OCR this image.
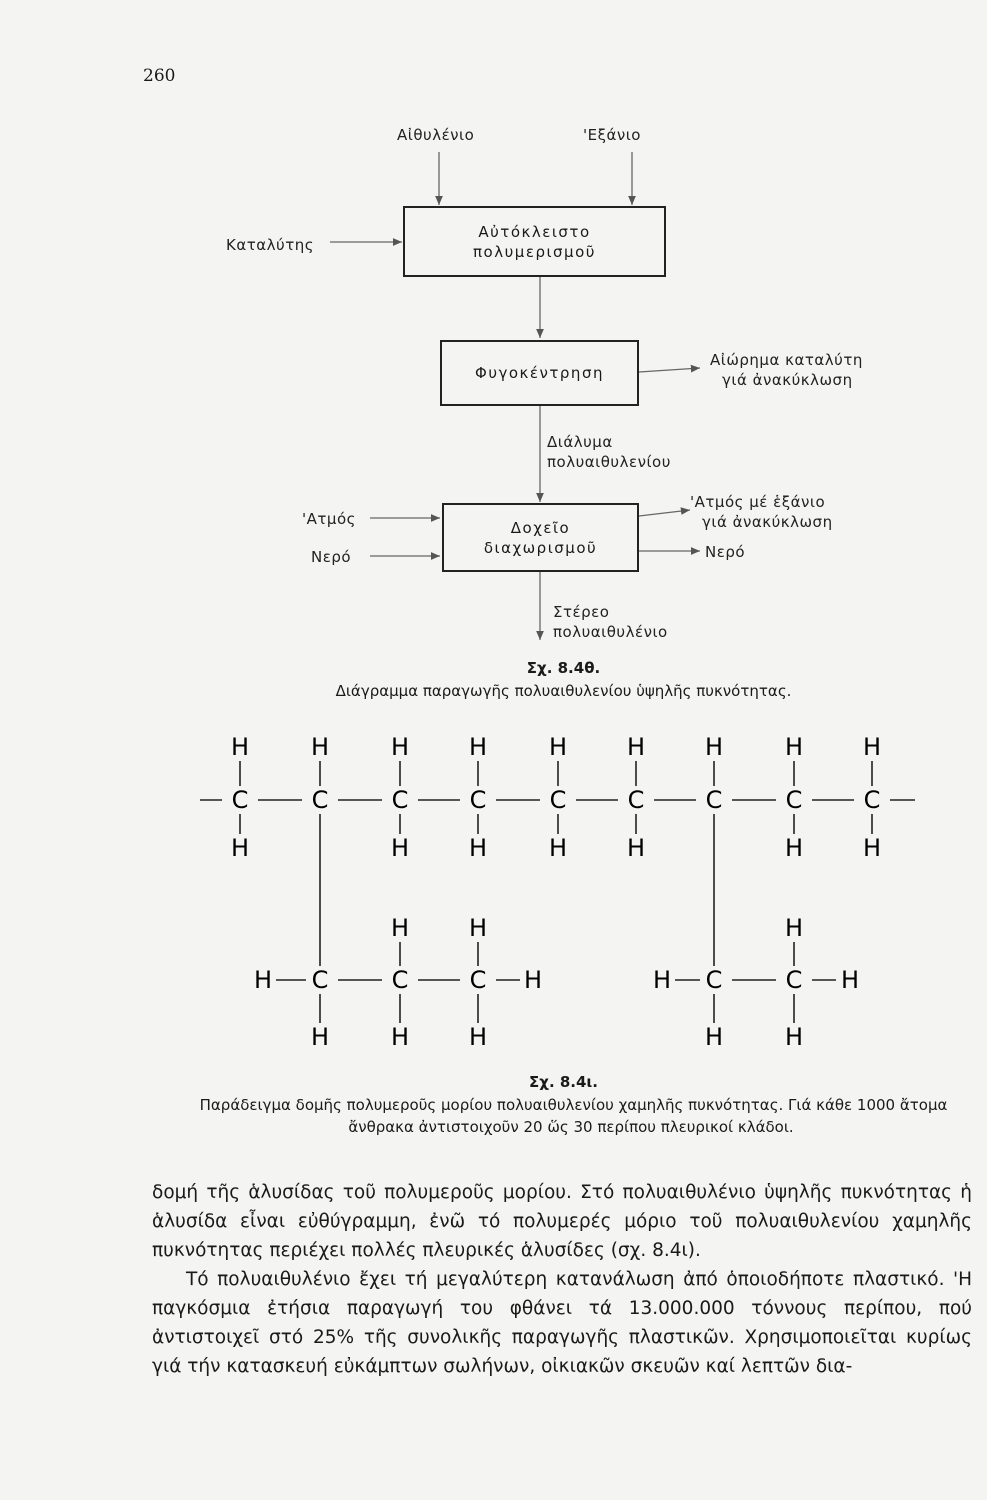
260
Αἰθυλένιο	'Εξάνιο
Καταλύτης
Αὐτόκλειστο
πολυμερισμοῦ
Φυγοκέντρηση
Αἰώρημα καταλύτη
γιά ἀνακύκλωση
Διάλυμα
πολυαιθυλενίου
'Ατμός
Νερό
Δοχεῖο
διαχωρισμοῦ
'Ατμός μέ ἑξάνιο
γιά ἀνακύκλωση
Νερό
Στέρεο
πολυαιθυλένιο
Σχ. 8.4θ.
Διάγραμμα παραγωγῆς πολυαιθυλενίου ὑψηλῆς πυκνότητας.
C
H
H
C
H
C
H
H
C
H
H
C
H
H
C
H
H
C
H
C
H
H
C
H
H
H C
H
C
H
H
C
H
H
H	H C
H
C
H
H
H
Σχ. 8.4ι.
Παράδειγμα δομῆς πολυμεροῦς μορίου πολυαιθυλενίου χαμηλῆς πυκνότητας. Γιά κάθε 1000 ἄτομα
ἄνθρακα ἀντιστοιχοῦν 20 ὥς 30 περίπου πλευρικοί κλάδοι.

δομή τῆς ἁλυσίδας τοῦ πολυμεροῦς μορίου. Στό πολυαιθυλένιο ὑψηλῆς πυκνότητας ἡ ἁλυσίδα εἶναι εὐθύγραμμη, ἐνῶ τό πολυμερές μόριο τοῦ πολυαιθυλενίου χαμηλῆς πυκνότητας περιέχει πολλές πλευρικές ἁλυσίδες (σχ. 8.4ι).

Τό πολυαιθυλένιο ἔχει τή μεγαλύτερη κατανάλωση ἀπό ὁποιοδήποτε πλαστικό. 'Η παγκόσμια ἐτήσια παραγωγή του φθάνει τά 13.000.000 τόννους περίπου, πού ἀντιστοιχεῖ στό 25% τῆς συνολικῆς παραγωγῆς πλαστικῶν. Χρησιμοποιεῖται κυρίως γιά τήν κατασκευή εὐκάμπτων σωλήνων, οἰκιακῶν σκευῶν καί λεπτῶν δια-
